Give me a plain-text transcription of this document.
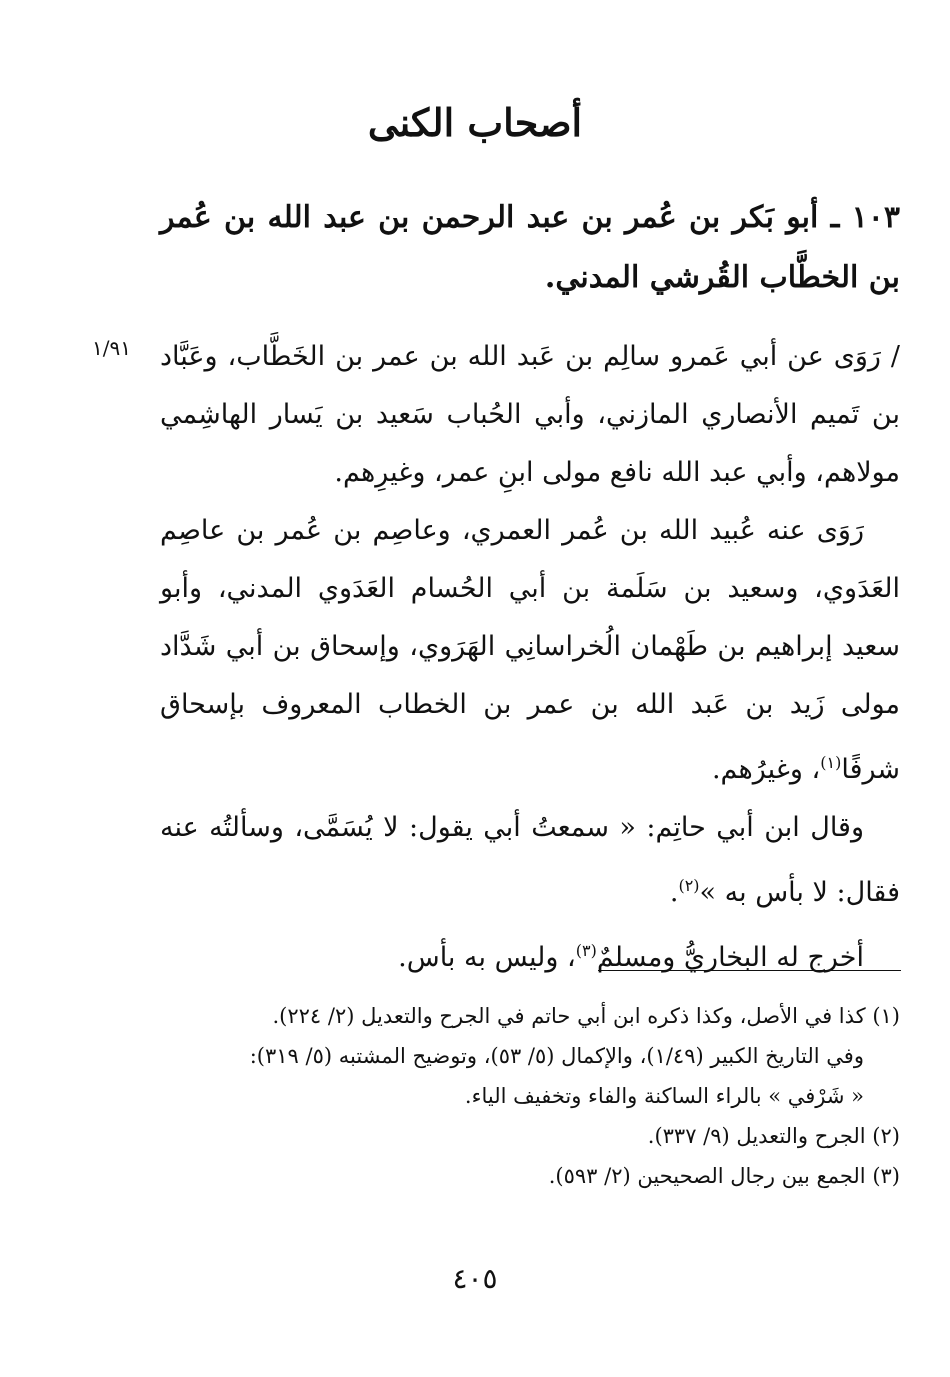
أصحاب الكنى
١٠٣ ـ أبو بَكر بن عُمر بن عبد الرحمن بن عبد الله بن عُمر بن الخطَّاب القُرشي المدني.
١/٩١	/ رَوَى عن أبي عَمرو سالِم بن عَبد الله بن عمر بن الخَطَّاب، وعَبَّاد بن تَميم الأنصاري المازني، وأبي الحُباب سَعيد بن يَسار الهاشِمي مولاهم، وأبي عبد الله نافع مولى ابنِ عمر، وغيرِهم.

رَوَى عنه عُبيد الله بن عُمر العمري، وعاصِم بن عُمر بن عاصِم العَدَوي، وسعيد بن سَلَمة بن أبي الحُسام العَدَوي المدني، وأبو سعيد إبراهيم بن طَهْمان الُخراسانِي الهَرَوي، وإسحاق بن أبي شَدَّاد مولى زَيد بن عَبد الله بن عمر بن الخطاب المعروف بإسحاق شرفًا$^{(١)}$، وغيرُهم.

وقال ابن أبي حاتِم: « سمعتُ أبي يقول: لا يُسَمَّى، وسألتُه عنه فقال: لا بأس به »$^{(٢)}$.

أخرج له البخاريُّ ومسلمٌ$^{(٣)}$، وليس به بأس.

(١) كذا في الأصل، وكذا ذكره ابن أبي حاتم في الجرح والتعديل (٢/ ٢٢٤).

وفي التاريخ الكبير (١/٤٩)، والإكمال (٥/ ٥٣)، وتوضيح المشتبه (٥/ ٣١٩):

« شَرْفي » بالراء الساكنة والفاء وتخفيف الياء.

(٢) الجرح والتعديل (٩/ ٣٣٧).

(٣) الجمع بين رجال الصحيحين (٢/ ٥٩٣).

٤٠٥
